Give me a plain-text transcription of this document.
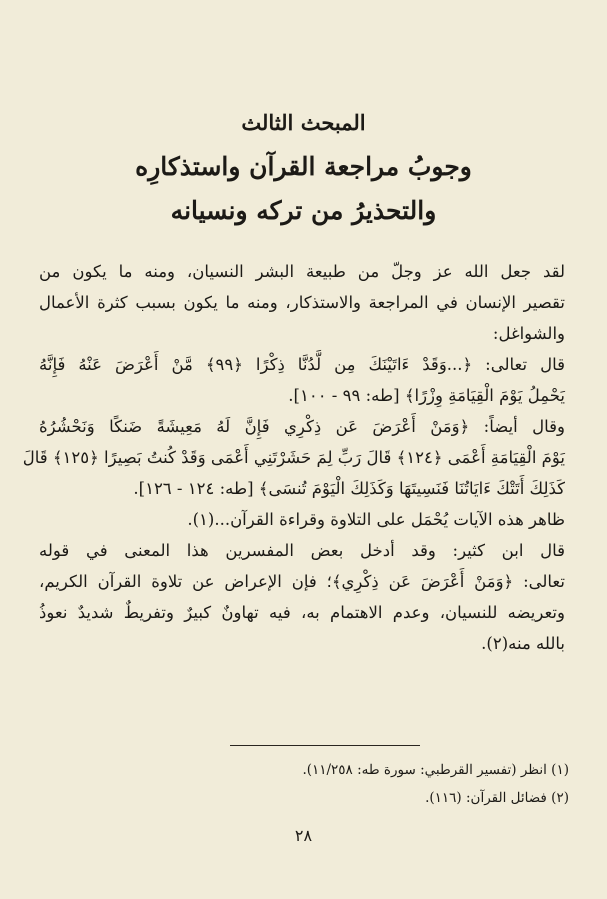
المبحث الثالث
وجوبُ مراجعة القرآن واستذكارِه
والتحذيرُ من تركه ونسيانه
لقد جعل الله عز وجلّ من طبيعة البشر النسيان، ومنه ما يكون من
تقصير الإنسان في المراجعة والاستذكار، ومنه ما يكون بسبب كثرة الأعمال
والشواغل:
قال تعالى: ﴿...وَقَدْ ءَاتَيْنَكَ مِن لَّدُنَّا ذِكْرًا ﴿٩٩﴾ مَّنْ أَعْرَضَ عَنْهُ فَإِنَّهُ
يَحْمِلُ يَوْمَ الْقِيَامَةِ وِزْرًا﴾ [طه: ٩٩ - ١٠٠].
وقال أيضاً: ﴿وَمَنْ أَعْرَضَ عَن ذِكْرِي فَإِنَّ لَهُ مَعِيشَةً ضَنكًا وَنَحْشُرُهُ
يَوْمَ الْقِيَامَةِ أَعْمَى ﴿١٢٤﴾ قَالَ رَبِّ لِمَ حَشَرْتَنِي أَعْمَى وَقَدْ كُنتُ بَصِيرًا ﴿١٢٥﴾ قَالَ
كَذَلِكَ أَتَتْكَ ءَايَاتُنَا فَنَسِيتَهَا وَكَذَلِكَ الْيَوْمَ تُنسَى﴾ [طه: ١٢٤ - ١٢٦].
ظاهر هذه الآيات يُحْمَل على التلاوة وقراءة القرآن...(١).
قال ابن كثير: وقد أدخل بعض المفسرين هذا المعنى في قوله
تعالى: ﴿وَمَنْ أَعْرَضَ عَن ذِكْرِي﴾؛ فإن الإعراض عن تلاوة القرآن الكريم،
وتعريضه للنسيان، وعدم الاهتمام به، فيه تهاونٌ كبيرٌ وتفريطٌ شديدٌ نعوذُ
بالله منه(٢).
(١) انظر (تفسير القرطبي: سورة طه: ١١/٢٥٨).
(٢) فضائل القرآن: (١١٦).
٢٨
